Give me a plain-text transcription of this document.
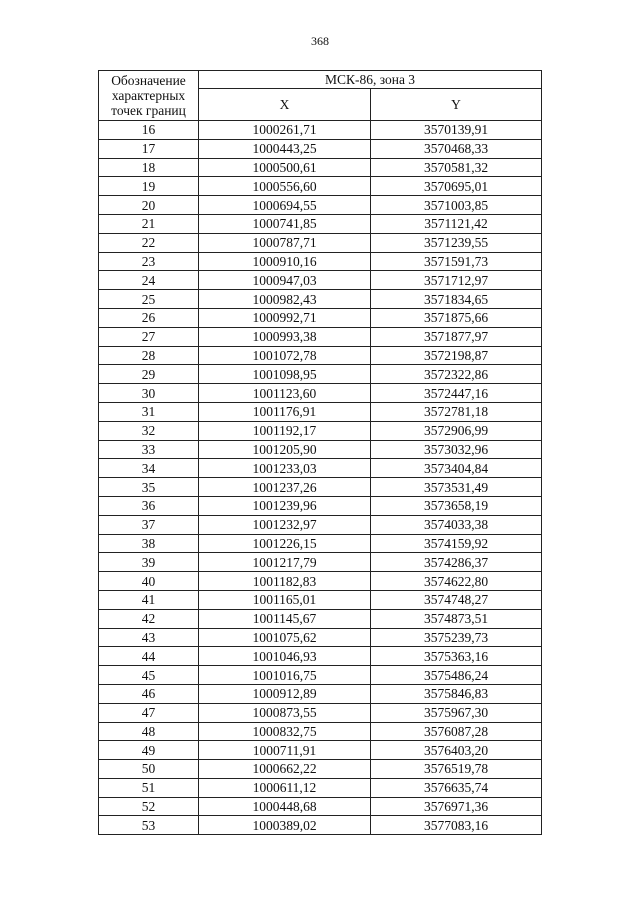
368
Обозначение характерных точек границ	МСК-86, зона 3	
	X	Y
16	1000261,71	3570139,91
17	1000443,25	3570468,33
18	1000500,61	3570581,32
19	1000556,60	3570695,01
20	1000694,55	3571003,85
21	1000741,85	3571121,42
22	1000787,71	3571239,55
23	1000910,16	3571591,73
24	1000947,03	3571712,97
25	1000982,43	3571834,65
26	1000992,71	3571875,66
27	1000993,38	3571877,97
28	1001072,78	3572198,87
29	1001098,95	3572322,86
30	1001123,60	3572447,16
31	1001176,91	3572781,18
32	1001192,17	3572906,99
33	1001205,90	3573032,96
34	1001233,03	3573404,84
35	1001237,26	3573531,49
36	1001239,96	3573658,19
37	1001232,97	3574033,38
38	1001226,15	3574159,92
39	1001217,79	3574286,37
40	1001182,83	3574622,80
41	1001165,01	3574748,27
42	1001145,67	3574873,51
43	1001075,62	3575239,73
44	1001046,93	3575363,16
45	1001016,75	3575486,24
46	1000912,89	3575846,83
47	1000873,55	3575967,30
48	1000832,75	3576087,28
49	1000711,91	3576403,20
50	1000662,22	3576519,78
51	1000611,12	3576635,74
52	1000448,68	3576971,36
53	1000389,02	3577083,16
